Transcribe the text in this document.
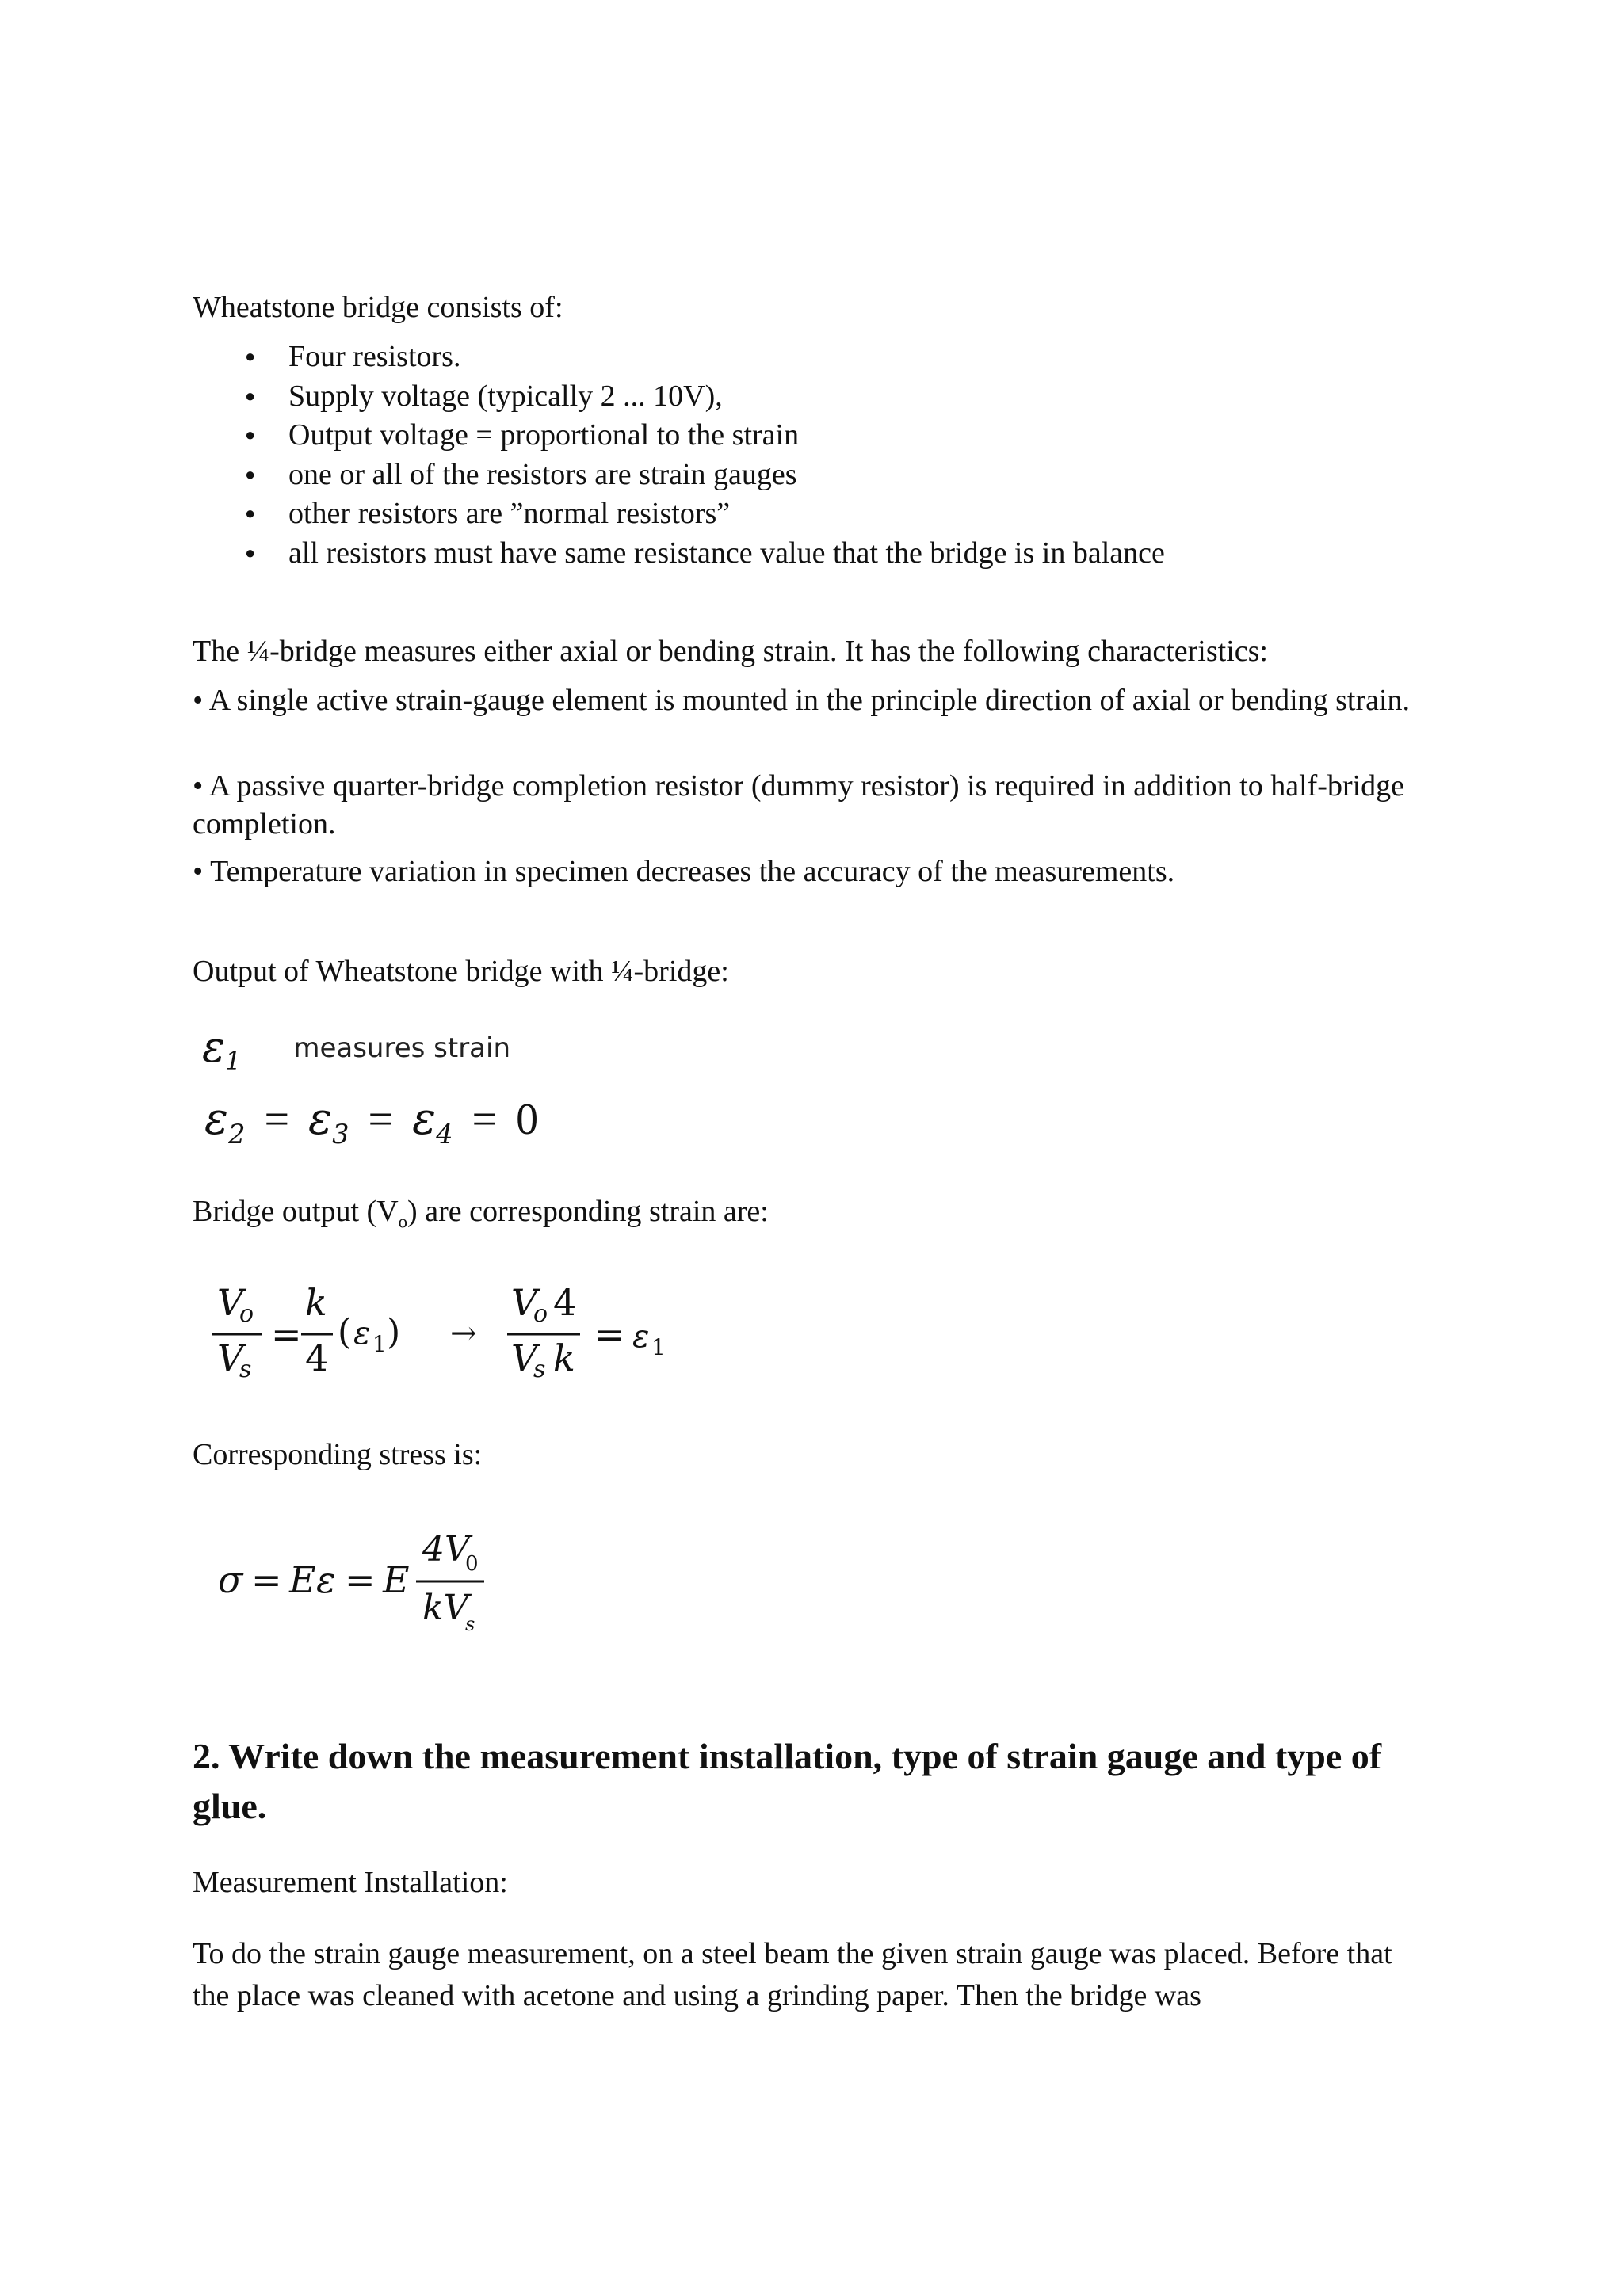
Wheatstone bridge consists of:
● Four resistors.
● Supply voltage (typically 2 ... 10V),
● Output voltage = proportional to the strain
● one or all of the resistors are strain gauges
● other resistors are ”normal resistors”
● all resistors must have same resistance value that the bridge is in balance
The ¼-bridge measures either axial or bending strain. It has the following characteristics:
• A single active strain-gauge element is mounted in the principle direction of axial or bending strain.
• A passive quarter-bridge completion resistor (dummy resistor) is required in addition to half-bridge completion.
• Temperature variation in specimen decreases the accuracy of the measurements.
Output of Wheatstone bridge with ¼-bridge:
ε1 measures strain
$\varepsilon_2 = \varepsilon_3 = \varepsilon_4 = 0$
Bridge output $(V_o)$ are corresponding strain are:
V
o
V
s
=
k
4
( ε 1 ) →
V
o 4
V
s k
= ε 1
Corresponding stress is:
σ = E ε = E
4V
0
kV
s
2. Write down the measurement installation, type of strain gauge and type of glue.
Measurement Installation:
To do the strain gauge measurement, on a steel beam the given strain gauge was placed. Before that the place was cleaned with acetone and using a grinding paper. Then the bridge was
